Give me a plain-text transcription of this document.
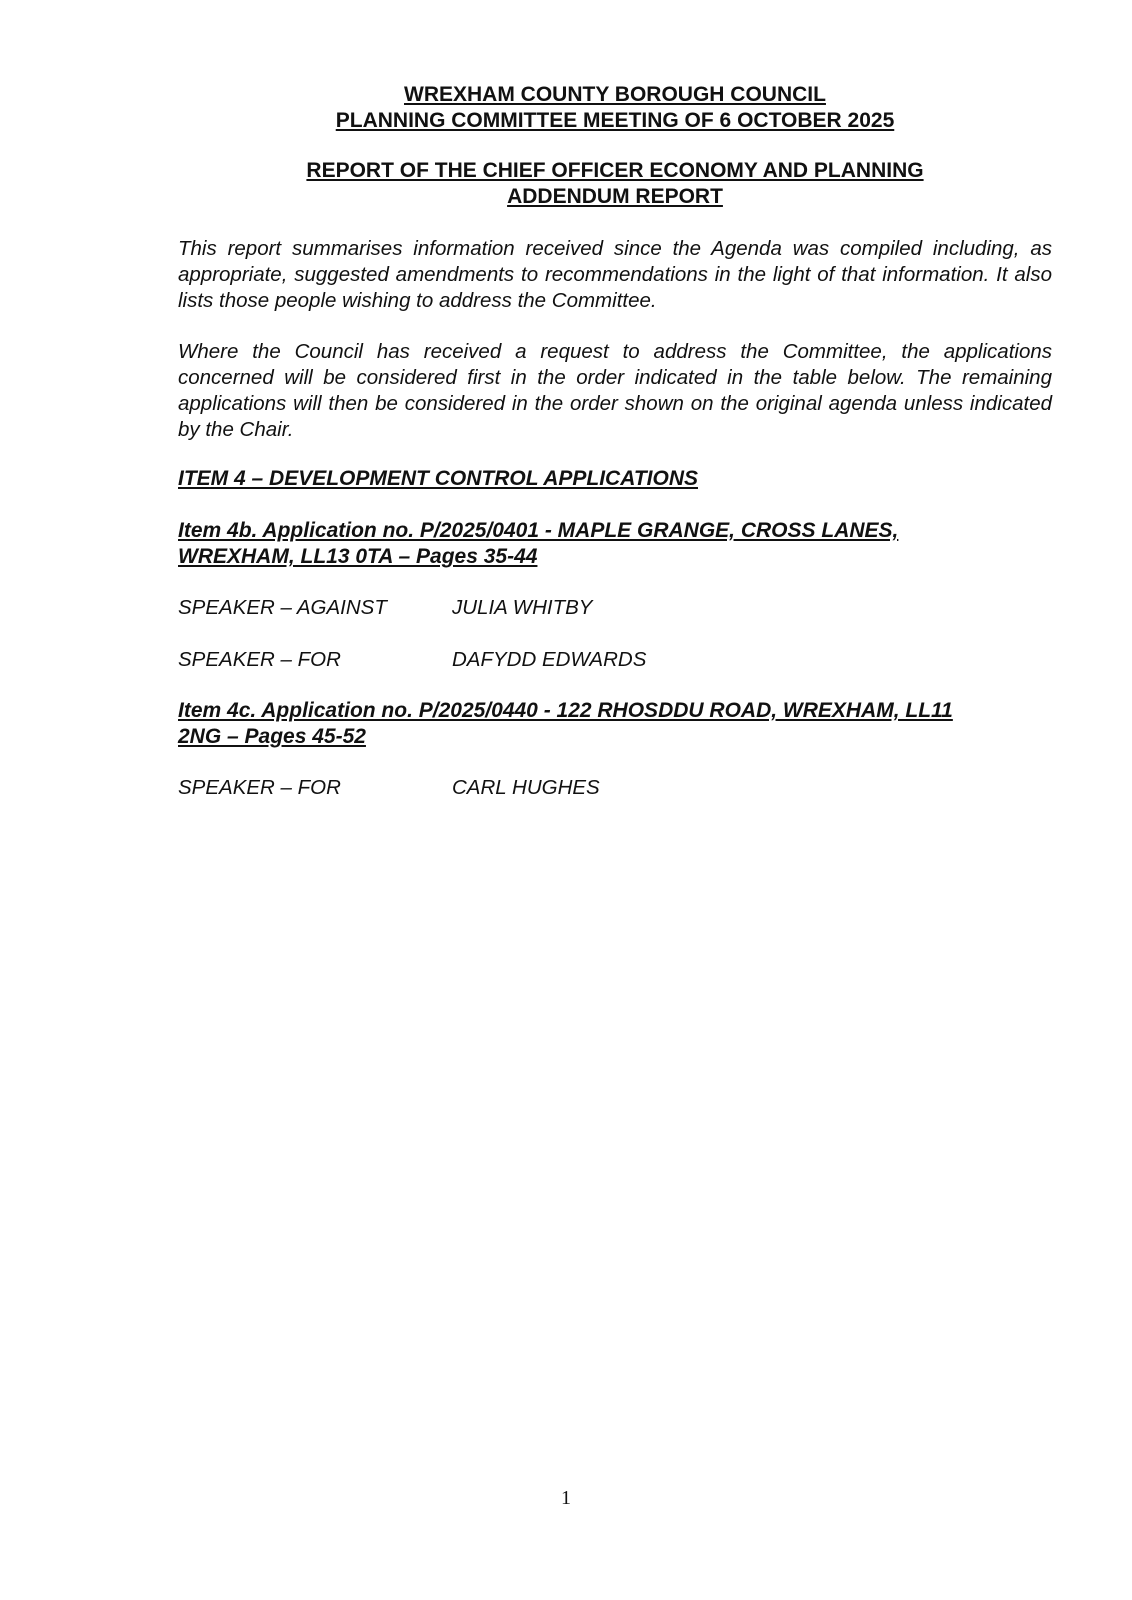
WREXHAM COUNTY BOROUGH COUNCIL
PLANNING COMMITTEE MEETING OF 6 OCTOBER 2025
REPORT OF THE CHIEF OFFICER ECONOMY AND PLANNING
ADDENDUM REPORT
This report summarises information received since the Agenda was compiled including, as appropriate, suggested amendments to recommendations in the light of that information. It also lists those people wishing to address the Committee.
Where the Council has received a request to address the Committee, the applications concerned will be considered first in the order indicated in the table below. The remaining applications will then be considered in the order shown on the original agenda unless indicated by the Chair.
ITEM 4 – DEVELOPMENT CONTROL APPLICATIONS
Item 4b. Application no. P/2025/0401 - MAPLE GRANGE, CROSS LANES,
WREXHAM, LL13 0TA – Pages 35-44
SPEAKER – AGAINST	JULIA WHITBY
SPEAKER – FOR	DAFYDD EDWARDS
Item 4c. Application no. P/2025/0440 - 122 RHOSDDU ROAD, WREXHAM, LL11
2NG – Pages 45-52
SPEAKER – FOR	CARL HUGHES
1
